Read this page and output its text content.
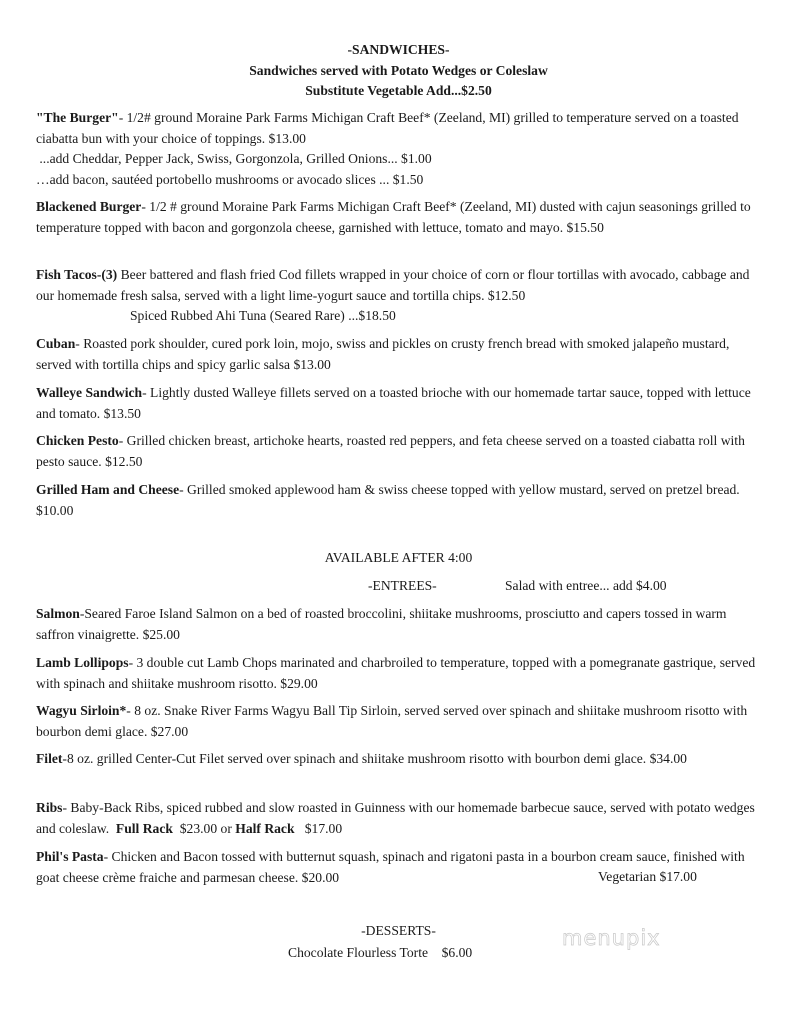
-SANDWICHES-
Sandwiches served with Potato Wedges or Coleslaw
Substitute Vegetable Add...$2.50

"The Burger"- 1/2# ground Moraine Park Farms Michigan Craft Beef* (Zeeland, MI) grilled to temperature served on a toasted ciabatta bun with your choice of toppings. $13.00

...add Cheddar, Pepper Jack, Swiss, Gorgonzola, Grilled Onions... $1.00

…add bacon, sautéed portobello mushrooms or avocado slices ... $1.50

Blackened Burger- 1/2 # ground Moraine Park Farms Michigan Craft Beef* (Zeeland, MI) dusted with cajun seasonings grilled to temperature topped with bacon and gorgonzola cheese, garnished with lettuce, tomato and mayo. $15.50

Fish Tacos-(3) Beer battered and flash fried Cod fillets wrapped in your choice of corn or flour tortillas with avocado, cabbage and our homemade fresh salsa, served with a light lime-yogurt sauce and tortilla chips. $12.50

Spiced Rubbed Ahi Tuna (Seared Rare) ...$18.50

Cuban- Roasted pork shoulder, cured pork loin, mojo, swiss and pickles on crusty french bread with smoked jalapeño mustard, served with tortilla chips and spicy garlic salsa $13.00

Walleye Sandwich- Lightly dusted Walleye fillets served on a toasted brioche with our homemade tartar sauce, topped with lettuce and tomato. $13.50

Chicken Pesto- Grilled chicken breast, artichoke hearts, roasted red peppers, and feta cheese served on a toasted ciabatta roll with pesto sauce. $12.50

Grilled Ham and Cheese- Grilled smoked applewood ham & swiss cheese topped with yellow mustard, served on pretzel bread. $10.00

AVAILABLE AFTER 4:00
-ENTREES-	Salad with entree... add $4.00

Salmon-Seared Faroe Island Salmon on a bed of roasted broccolini, shiitake mushrooms, prosciutto and capers tossed in warm saffron vinaigrette. $25.00

Lamb Lollipops- 3 double cut Lamb Chops marinated and charbroiled to temperature, topped with a pomegranate gastrique, served with spinach and shiitake mushroom risotto. $29.00

Wagyu Sirloin*- 8 oz. Snake River Farms Wagyu Ball Tip Sirloin, served served over spinach and shiitake mushroom risotto with bourbon demi glace. $27.00

Filet-8 oz. grilled Center-Cut Filet served over spinach and shiitake mushroom risotto with bourbon demi glace. $34.00

Ribs- Baby-Back Ribs, spiced rubbed and slow roasted in Guinness with our homemade barbecue sauce, served with potato wedges and coleslaw.  Full Rack  $23.00 or Half Rack   $17.00

Phil's Pasta- Chicken and Bacon tossed with butternut squash, spinach and rigatoni pasta in a bourbon cream sauce, finished with goat cheese crème fraiche and parmesan cheese. $20.00	Vegetarian $17.00
-DESSERTS-
Chocolate Flourless Torte $6.00
menupix
